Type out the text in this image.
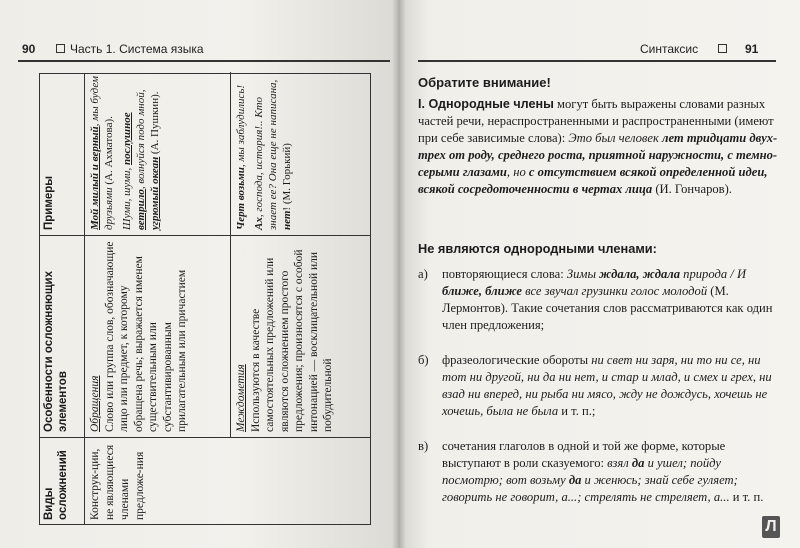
90	Часть 1. Система языка
Виды осложнений
Особенности осложняющих элементов
Примеры
Конструк-ции, не являющиеся членами предложе-ния
Обращения Слово или группа слов, обозначающие лицо или предмет, к которому обращена речь; выражается именем существительным или субстантивированным прилагательным или причастием
Мой милый и верный, мы будем друзьями (А. Ахматова).
Шуми, шуми, послушное ветрило, волнуйся подо мной, угрюмый океан (А. Пушкин).
Междометия Используются в качестве самостоятельных предложений или являются осложнением простого предложения; произносятся с особой интонацией — восклицательной или побудительной
Черт возьми, мы заблудились!
Ах, господа, история!.. Кто знает ее? Она еще не написана, нет! (М. Горький)
Синтаксис	91
Обратите внимание!
I. Однородные члены могут быть выражены словами разных частей речи, нераспространенными и распространенными (имеют при себе зависимые слова): Это был человек лет тридцати двух-трех от роду, среднего роста, приятной наружности, с темно-серыми глазами, но с отсутствием всякой определенной идеи, всякой сосредоточенности в чертах лица (И. Гончаров).
Не являются однородными членами:
а) повторяющиеся слова: Зимы ждала, ждала природа / И ближе, ближе все звучал грузинки голос молодой (М. Лермонтов). Такие сочетания слов рассматриваются как один член предложения;
б) фразеологические обороты ни свет ни заря, ни то ни се, ни тот ни другой, ни да ни нет, и стар и млад, и смех и грех, ни взад ни вперед, ни рыба ни мясо, жду не дождусь, хочешь не хочешь, была не была и т. п.;
в) сочетания глаголов в одной и той же форме, которые выступают в роли сказуемого: взял да и ушел; пойду посмотрю; вот возьму да и женюсь; знай себе гуляет; говорить не говорит, а...; стрелять не стреляет, а... и т. п.
Л
